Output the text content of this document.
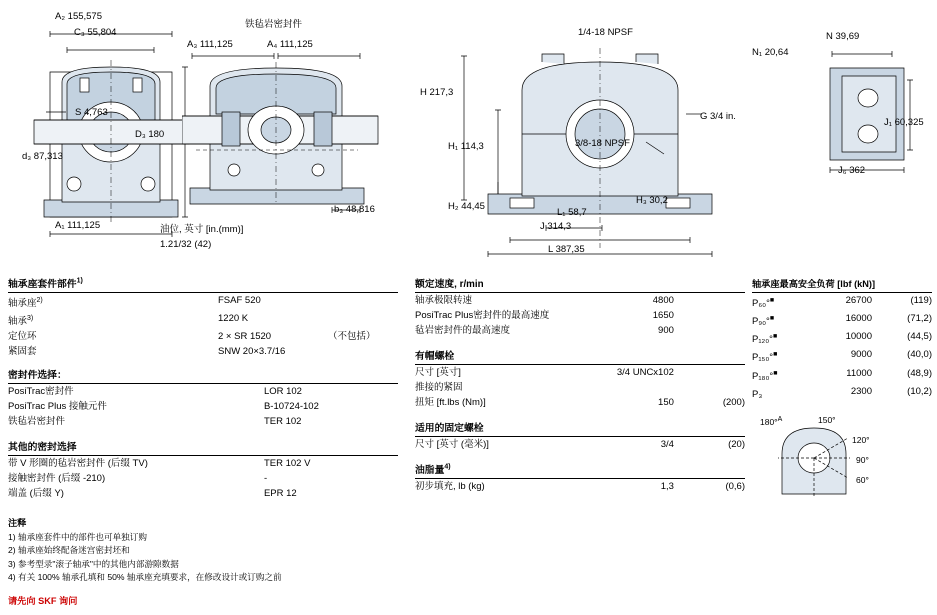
A₂ 155,575
C₃ 55,804
S 4,763
D₃ 180
d₃ 87,313
A₁ 111,125
铁毡岩密封件
A₃ 111,125	A₄ 111,125
b₃ 48,816
油位, 英寸 [in.(mm)]
1.21/32 (42)
1/4-18 NPSF
H 217,3
H₁ 114,3
H₂ 44,45
L₁ 58,7
H₃ 30,2
3/8-18 NPSF
G 3/4 in.
J 314,3
L 387,35
N 39,69
N₁ 20,64
J₁ 60,325
J₆ 362
轴承座套件部件$^{1)}$
轴承座$^{2)}$	FSAF 520	
轴承$^{3)}$	1220 K	
定位环	2 × SR 1520	（不包括）
紧固套	SNW 20×3.7/16	
密封件选择：
PosiTrac密封件	LOR 102
PosiTrac Plus 接触元件	B-10724-102
铁毡岩密封件	TER 102
其他的密封选择
带 V 形圈的毡岩密封件 (后缀 TV)	TER 102 V
接触密封件 (后缀 -210)	-
端盖 (后缀 Y)	EPR 12
注释
1) 轴承座套件中的部件也可单独订购
2) 轴承座始终配备迷宫密封坯和
3) 参考型录"滚子轴承"中的其他内部游隙数据
4) 有关 100% 轴承孔填和 50% 轴承座充填要求，在修改设计或订购之前
请先向 SKF 询问
额定速度, r/min
轴承极限转速	4800	
PosiTrac Plus密封件的最高速度	1650	
毡岩密封件的最高速度	900	
有帽螺栓
尺寸 [英寸]	3/4 UNCx102	
推接的紧固		
扭矩 [ft.lbs (Nm)]	150	(200)
适用的固定螺栓
尺寸 [英寸 (毫米)]	3/4	(20)
油脂量$^{4)}$
初步填充, lb (kg)	1,3	(0,6)
轴承座最高安全负荷 [lbf (kN)]
P₆₀°■	26700	(119)
P₉₀°■	16000	(71,2)
P₁₂₀°■	10000	(44,5)
P₁₅₀°■	9000	(40,0)
P₁₈₀°■	11000	(48,9)
P₃	2300	(10,2)
180°$^A$	150°
120°
90°
60°
